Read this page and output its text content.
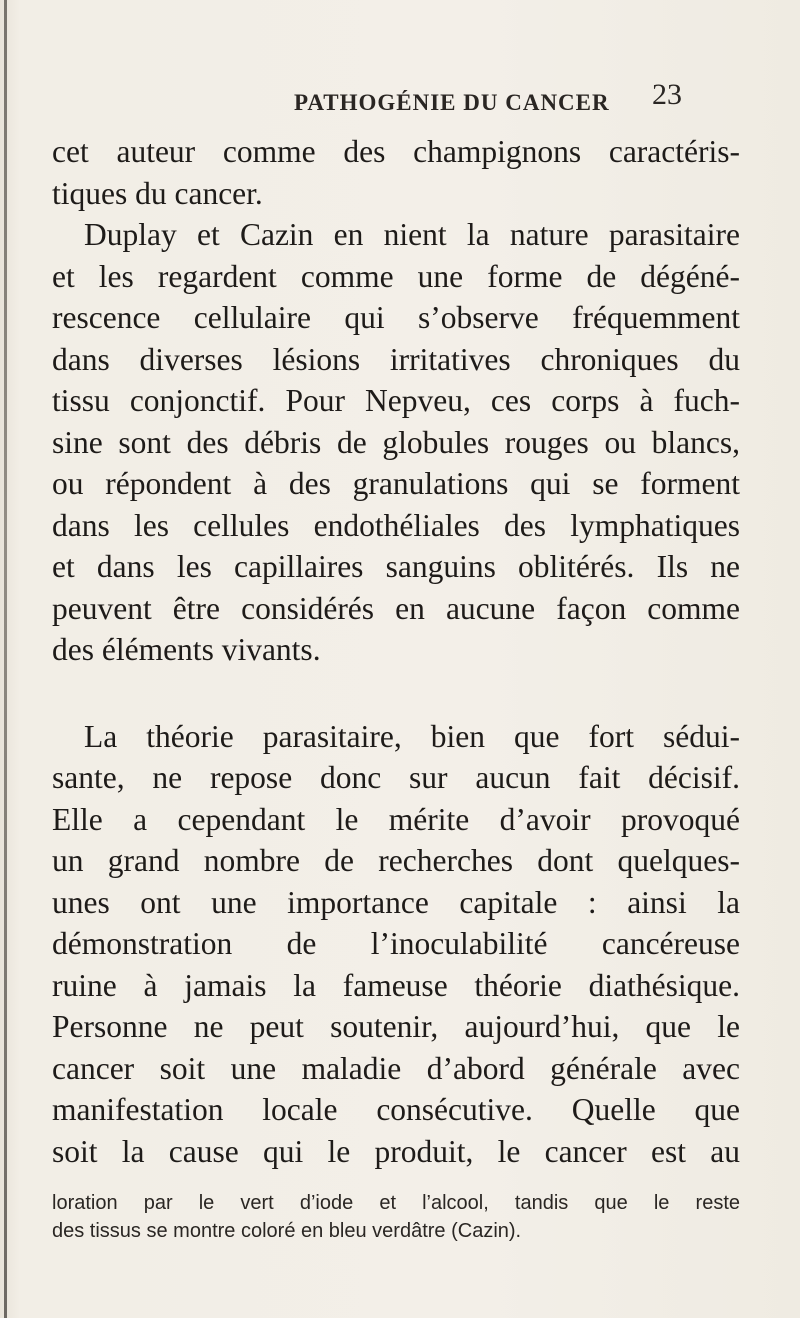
PATHOGÉNIE DU CANCER 23
cet auteur comme des champignons caractéris-
tiques du cancer.
Duplay et Cazin en nient la nature parasitaire
et les regardent comme une forme de dégéné-
rescence cellulaire qui s’observe fréquemment
dans diverses lésions irritatives chroniques du
tissu conjonctif. Pour Nepveu, ces corps à fuch-
sine sont des débris de globules rouges ou blancs,
ou répondent à des granulations qui se forment
dans les cellules endothéliales des lymphatiques
et dans les capillaires sanguins oblitérés. Ils ne
peuvent être considérés en aucune façon comme
des éléments vivants.
La théorie parasitaire, bien que fort sédui-
sante, ne repose donc sur aucun fait décisif.
Elle a cependant le mérite d’avoir provoqué
un grand nombre de recherches dont quelques-
unes ont une importance capitale : ainsi la
démonstration de l’inoculabilité cancéreuse
ruine à jamais la fameuse théorie diathésique.
Personne ne peut soutenir, aujourd’hui, que le
cancer soit une maladie d’abord générale avec
manifestation locale consécutive. Quelle que
soit la cause qui le produit, le cancer est au
loration par le vert d’iode et l’alcool, tandis que le reste
des tissus se montre coloré en bleu verdâtre (Cazin).
